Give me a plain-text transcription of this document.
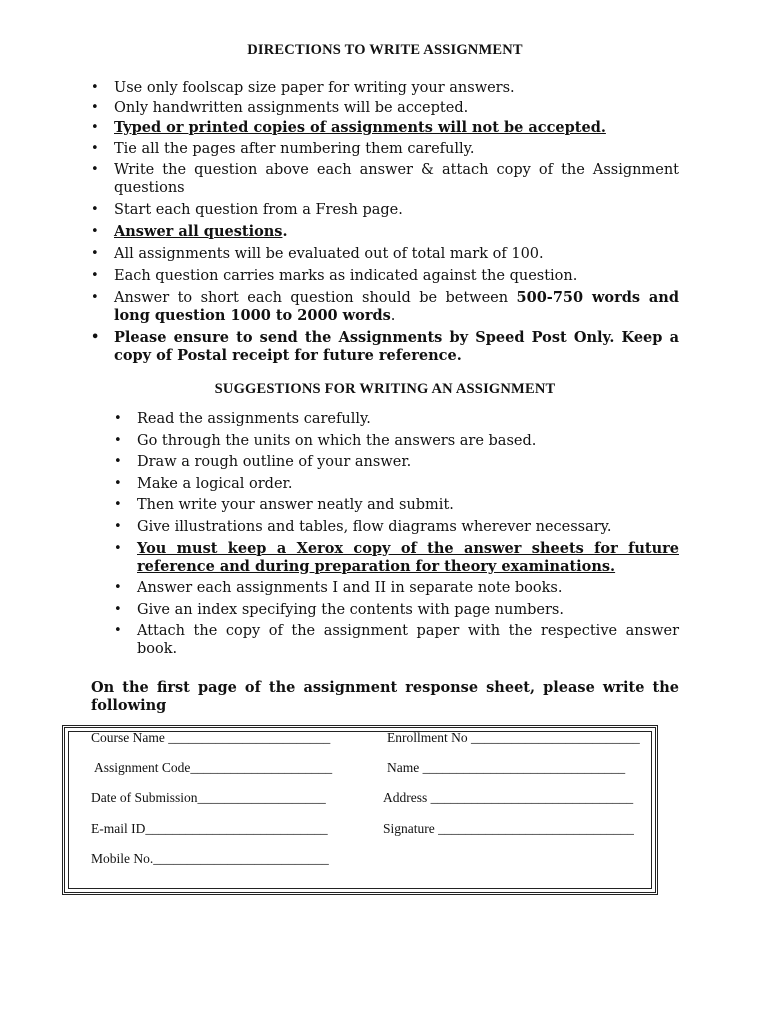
DIRECTIONS TO WRITE ASSIGNMENT
• Use only foolscap size paper for writing your answers.
• Only handwritten assignments will be accepted.
• Typed or printed copies of assignments will not be accepted.
• Tie all the pages after numbering them carefully.
• Write the question above each answer & attach copy of the Assignment questions
• Start each question from a Fresh page.
• Answer all questions.
• All assignments will be evaluated out of total mark of 100.
• Each question carries marks as indicated against the question.
• Answer to short each question should be between 500-750 words and long question 1000 to 2000 words.
• Please ensure to send the Assignments by Speed Post Only. Keep a copy of Postal receipt for future reference.
SUGGESTIONS FOR WRITING AN ASSIGNMENT
• Read the assignments carefully.
• Go through the units on which the answers are based.
• Draw a rough outline of your answer.
• Make a logical order.
• Then write your answer neatly and submit.
• Give illustrations and tables, flow diagrams wherever necessary.
• You must keep a Xerox copy of the answer sheets for future reference and during preparation for theory examinations.
• Answer each assignments I and II in separate note books.
• Give an index specifying the contents with page numbers.
• Attach the copy of the assignment paper with the respective answer book.
On the first page of the assignment response sheet, please write the following
Course Name ________________________	Enrollment No _________________________
Assignment Code_____________________	Name ______________________________
Date of Submission___________________	Address ______________________________
E-mail ID___________________________	Signature _____________________________
Mobile No.__________________________
